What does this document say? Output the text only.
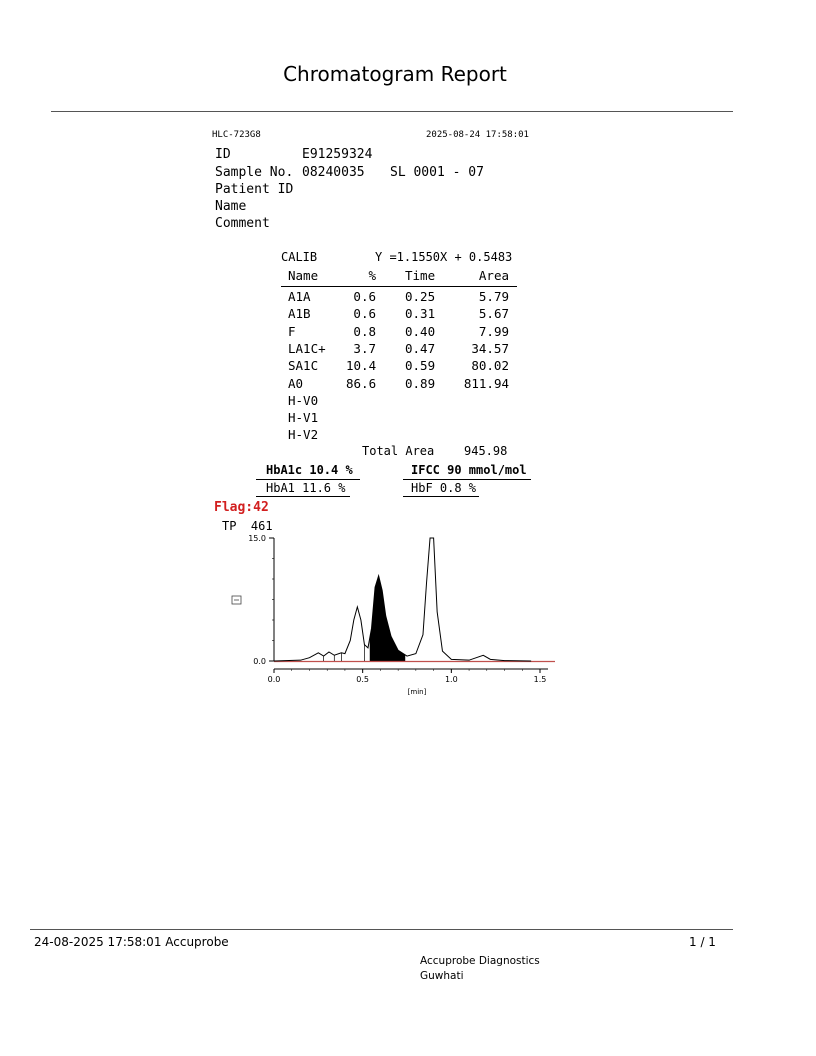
Chromatogram Report
HLC-723G8	2025-08-24 17:58:01
ID	E91259324
Sample No. 08240035 SL 0001 - 07
Patient ID
Name
Comment
CALIB	Y =1.1550X + 0.5483
Name	% Time	Area
A1A	0.6 0.25	5.79
A1B	0.6 0.31	5.67
F	0.8 0.40	7.99
LA1C+	3.7 0.47	34.57
SA1C 10.4 0.59	80.02
A0	86.6 0.89	811.94
H-V0
H-V1
H-V2
Total Area 945.98
HbA1c 10.4 %	IFCC 90 mmol/mol
HbA1 11.6 %	HbF 0.8 %
Flag:42
TP  461
0.0
15.0
0.0	0.5	1.0	1.5
[min]
24-08-2025 17:58:01 Accuprobe	1 / 1
Accuprobe Diagnostics
Guwhati
